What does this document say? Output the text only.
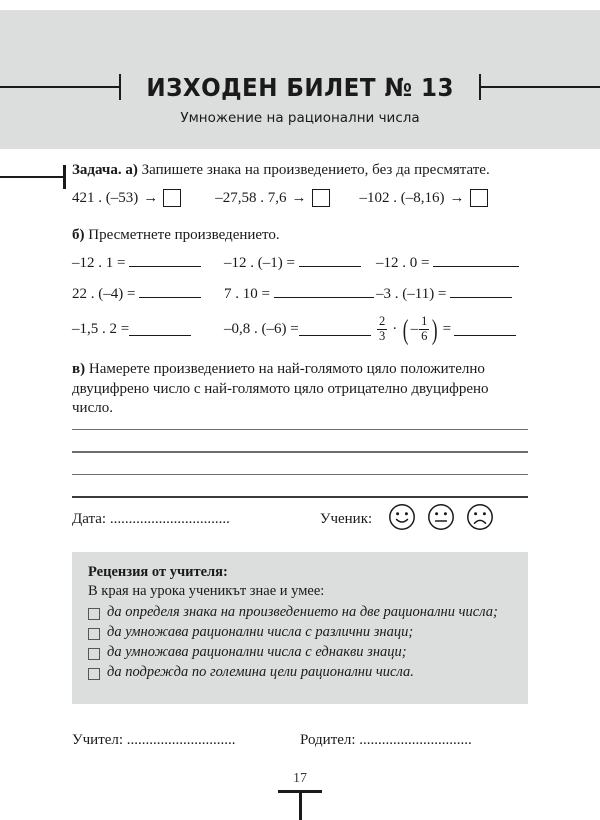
ИЗХОДЕН БИЛЕТ № 13
Умножение на рационални числа

Задача. а) Запишете знака на произведението, без да пресмятате.

421 . (–53) →	–27,58 . 7,6 →	–102 . (–8,16) →

б) Пресметнете произведението.

–12 . 1 =	–12 . (–1) =	–12 . 0 =
22 . (–4) =	7 . 10 =	–3 . (–11) =
–1,5 . 2 =	–0,8 . (–6) =	$\frac{2}{3}$ · ( – $\frac{1}{6}$ ) =

в) Намерете произведението на най-голямото цяло положително двуцифрено число с най-голямото цяло отрицателно двуцифрено число.

Дата: ................................	Ученик:
Рецензия от учителя:
В края на урока ученикът знае и умее:
да определя знака на произведението на две рационални числа;
да умножава рационални числа с различни знаци;
да умножава рационални числа с еднакви знаци;
да подрежда по големина цели рационални числа.
Учител: .............................	Родител: ..............................
17
